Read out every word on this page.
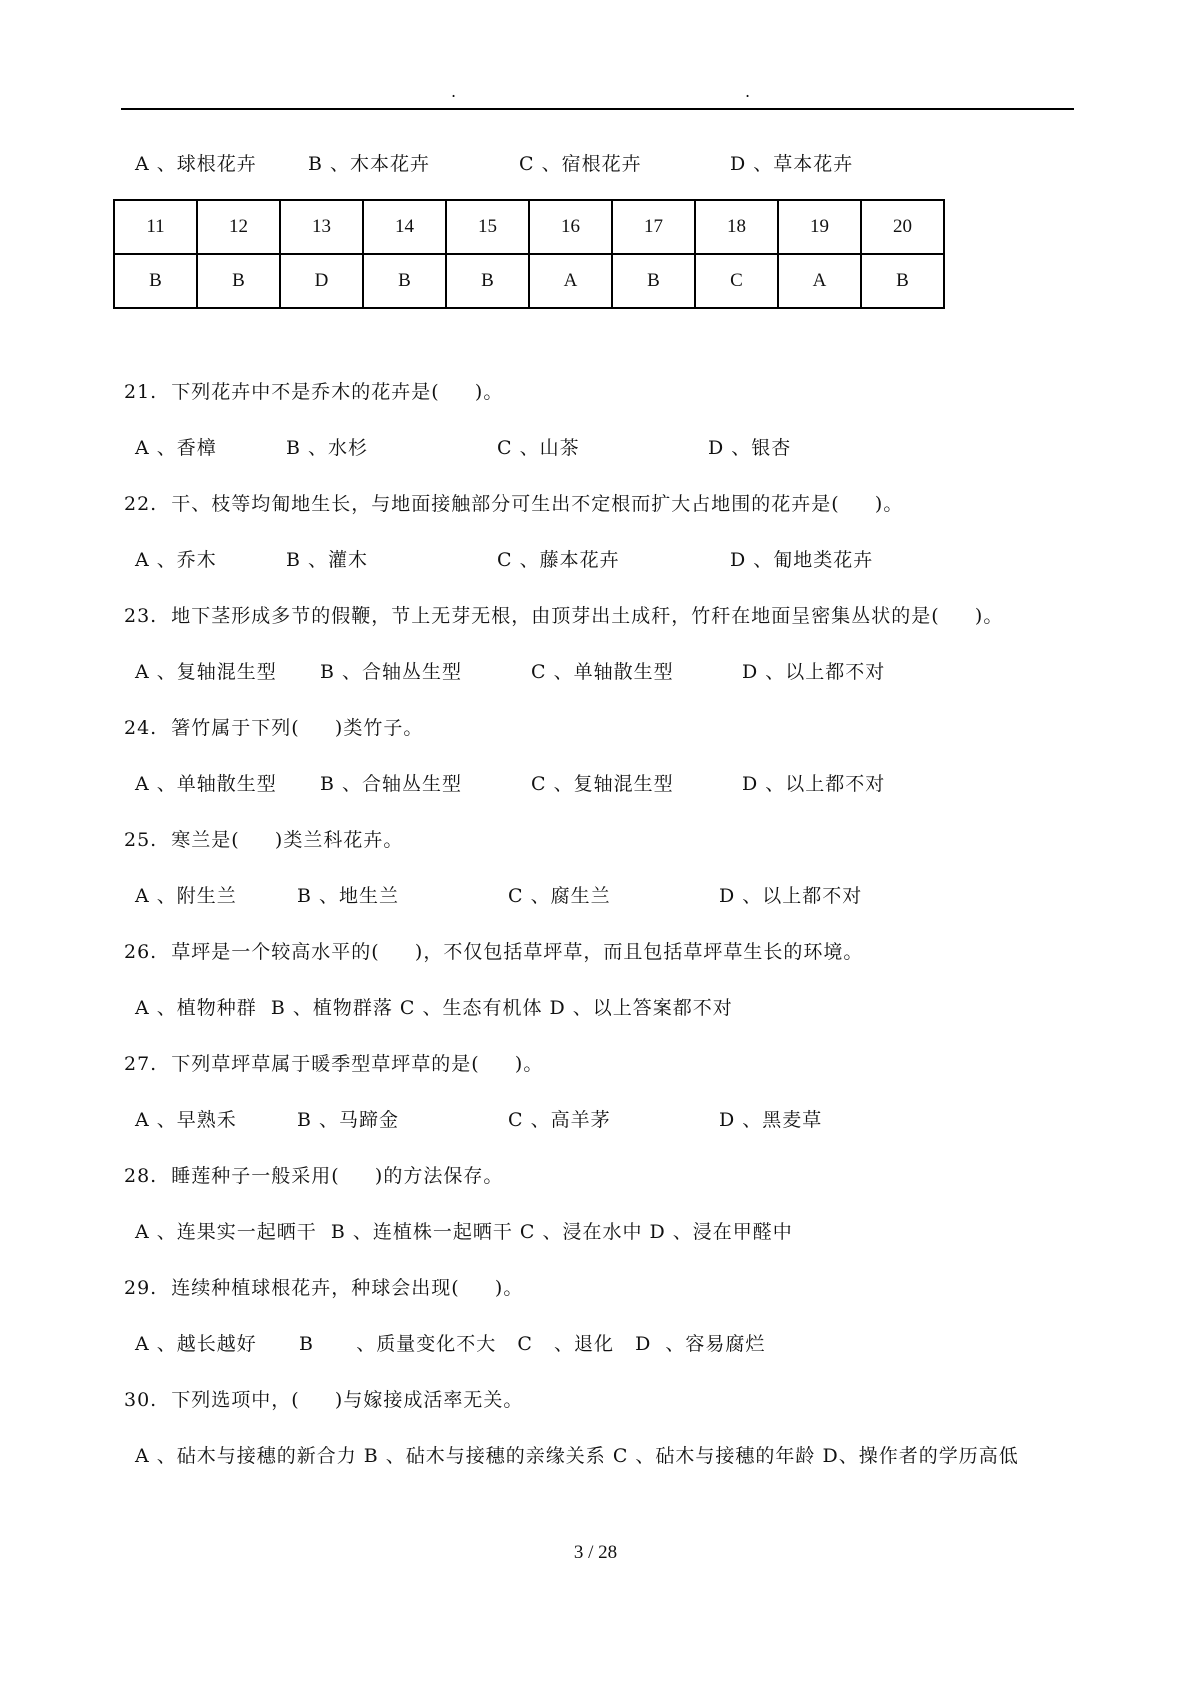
.	.

A 、球根花卉

	B 、木本花卉

	C 、宿根花卉

	D 、草本花卉

11	12	13	14	15	16	17	18	19	20
B	B	D	B	B	A	B	C	A	B
21.  下列花卉中不是乔木的花卉是(     )。

A 、香樟

	B 、水杉

	C 、山茶

	D 、银杏

22.  干、枝等均匍地生长，与地面接触部分可生出不定根而扩大占地围的花卉是(     )。

A 、乔木

	B 、灌木

	C 、藤本花卉

	D 、匍地类花卉

23.  地下茎形成多节的假鞭，节上无芽无根，由顶芽出土成秆，竹秆在地面呈密集丛状的是(     )。

A 、复轴混生型

B 、合轴丛生型

	C 、单轴散生型

	D 、以上都不对

24.  箸竹属于下列(     )类竹子。

A 、单轴散生型

B 、合轴丛生型

	C 、复轴混生型

	D 、以上都不对

25.  寒兰是(     )类兰科花卉。

A 、附生兰

	B 、地生兰

	C 、腐生兰

	D 、以上都不对

26.  草坪是一个较高水平的(     )，不仅包括草坪草，而且包括草坪草生长的环境。
A 、植物种群  B 、植物群落 C 、生态有机体 D 、以上答案都不对
27.  下列草坪草属于暖季型草坪草的是(     )。

A 、早熟禾

	B 、马蹄金

	C 、高羊茅

	D 、黑麦草

28.  睡莲种子一般采用(     )的方法保存。
A 、连果实一起晒干  B 、连植株一起晒干 C 、浸在水中 D 、浸在甲醛中
29.  连续种植球根花卉，种球会出现(     )。
A 、越长越好      B      、质量变化不大   C   、退化   D  、容易腐烂
30.  下列选项中，(     )与嫁接成活率无关。
A 、砧木与接穗的新合力 B 、砧木与接穗的亲缘关系 C 、砧木与接穗的年龄 D、操作者的学历高低
3 / 28
